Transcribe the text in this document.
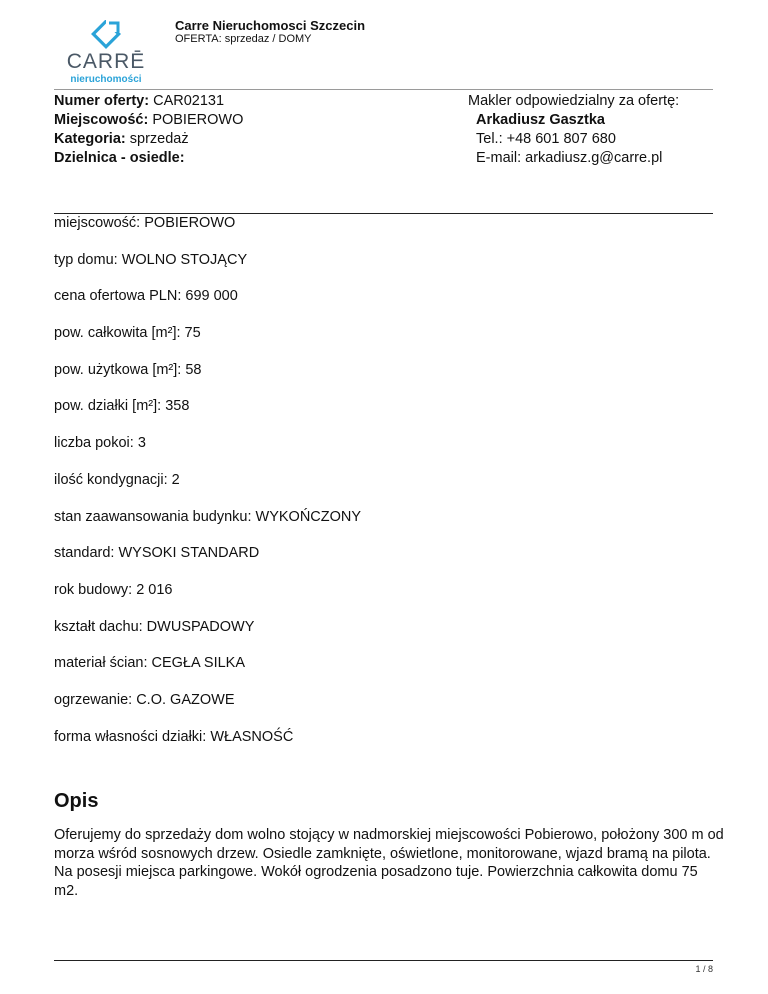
CARRĒ
nieruchomości
Carre Nieruchomosci Szczecin
OFERTA: sprzedaz / DOMY
Numer oferty: CAR02131
Miejscowość: POBIEROWO
Kategoria: sprzedaż
Dzielnica - osiedle:
Makler odpowiedzialny za ofertę:
Arkadiusz Gasztka
Tel.: +48 601 807 680
E-mail: arkadiusz.g@carre.pl
miejscowość: POBIEROWO
typ domu: WOLNO STOJĄCY
cena ofertowa PLN: 699 000
pow. całkowita [m²]: 75
pow. użytkowa [m²]: 58
pow. działki [m²]: 358
liczba pokoi: 3
ilość kondygnacji: 2
stan zaawansowania budynku: WYKOŃCZONY
standard: WYSOKI STANDARD
rok budowy: 2 016
kształt dachu: DWUSPADOWY
materiał ścian: CEGŁA SILKA
ogrzewanie: C.O. GAZOWE
forma własności działki: WŁASNOŚĆ
Opis
Oferujemy do sprzedaży dom wolno stojący w nadmorskiej miejscowości Pobierowo, położony 300 m od morza wśród sosnowych drzew. Osiedle zamknięte, oświetlone, monitorowane, wjazd bramą na pilota. Na posesji miejsca parkingowe. Wokół ogrodzenia posadzono tuje. Powierzchnia całkowita domu 75 m2.
1 / 8
